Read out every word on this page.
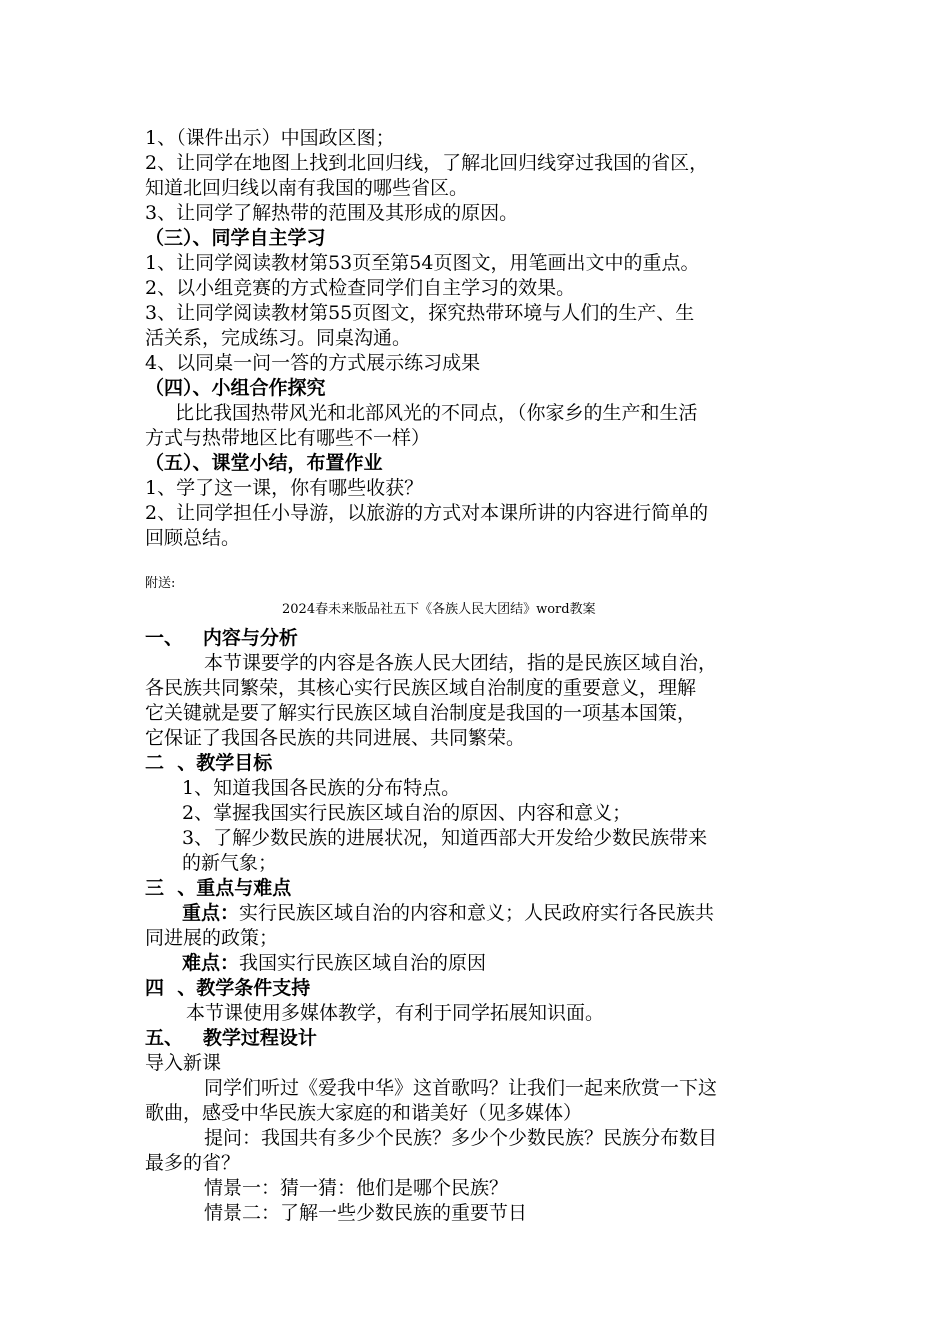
1、（课件出示）中国政区图；
2、让同学在地图上找到北回归线，了解北回归线穿过我国的省区，
知道北回归线以南有我国的哪些省区。
3、让同学了解热带的范围及其形成的原因。
（三）、同学自主学习
1、让同学阅读教材第53页至第54页图文，用笔画出文中的重点。
2、以小组竞赛的方式检查同学们自主学习的效果。
3、让同学阅读教材第55页图文，探究热带环境与人们的生产、生
活关系，完成练习。同桌沟通。
4、以同桌一问一答的方式展示练习成果
（四）、小组合作探究
比比我国热带风光和北部风光的不同点，（你家乡的生产和生活
方式与热带地区比有哪些不一样）
（五）、课堂小结，布置作业
1、学了这一课，你有哪些收获？
2、让同学担任小导游，以旅游的方式对本课所讲的内容进行简单的
回顾总结。
附送:
2024春未来版品社五下《各族人民大团结》word教案
一、   内容与分析
本节课要学的内容是各族人民大团结，指的是民族区域自治，
各民族共同繁荣，其核心实行民族区域自治制度的重要意义，理解
它关键就是要了解实行民族区域自治制度是我国的一项基本国策，
它保证了我国各民族的共同进展、共同繁荣。
二  、教学目标
1、知道我国各民族的分布特点。
2、掌握我国实行民族区域自治的原因、内容和意义；
3、了解少数民族的进展状况，知道西部大开发给少数民族带来
的新气象；
三  、重点与难点
重点：实行民族区域自治的内容和意义；人民政府实行各民族共
同进展的政策；
难点：我国实行民族区域自治的原因
四  、教学条件支持
本节课使用多媒体教学，有利于同学拓展知识面。
五、   教学过程设计
导入新课
同学们听过《爱我中华》这首歌吗？让我们一起来欣赏一下这
歌曲，感受中华民族大家庭的和谐美好（见多媒体）
提问：我国共有多少个民族？多少个少数民族？民族分布数目
最多的省？
情景一：猜一猜：他们是哪个民族？
情景二：了解一些少数民族的重要节日
